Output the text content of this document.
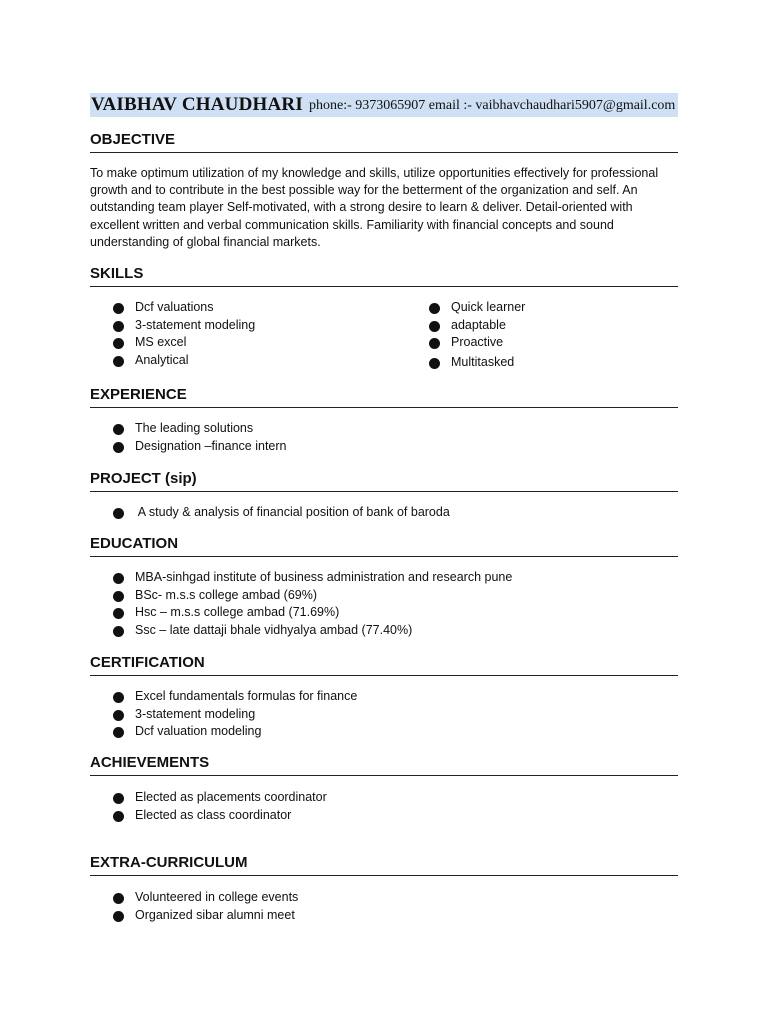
VAIBHAV CHAUDHARI phone:- 9373065907 email :- vaibhavchaudhari5907@gmail.com
OBJECTIVE
To make optimum utilization of my knowledge and skills, utilize opportunities effectively for professional growth and to contribute in the best possible way for the betterment of the organization and self. An outstanding team player Self-motivated, with a strong desire to learn & deliver. Detail-oriented with excellent written and verbal communication skills. Familiarity with financial concepts and sound understanding of global financial markets.
SKILLS
Dcf valuations
3-statement modeling
MS excel
Analytical
Quick learner
adaptable
Proactive
Multitasked
EXPERIENCE
The leading solutions
Designation –finance intern
PROJECT (sip)
A study & analysis of financial position of bank of baroda
EDUCATION
MBA-sinhgad institute of business administration and research pune
BSc- m.s.s college ambad (69%)
Hsc – m.s.s college ambad (71.69%)
Ssc – late dattaji bhale vidhyalya ambad (77.40%)
CERTIFICATION
Excel fundamentals formulas for finance
3-statement modeling
Dcf valuation modeling
ACHIEVEMENTS
Elected as placements coordinator
Elected as class coordinator
EXTRA-CURRICULUM
Volunteered in college events
Organized sibar alumni meet
